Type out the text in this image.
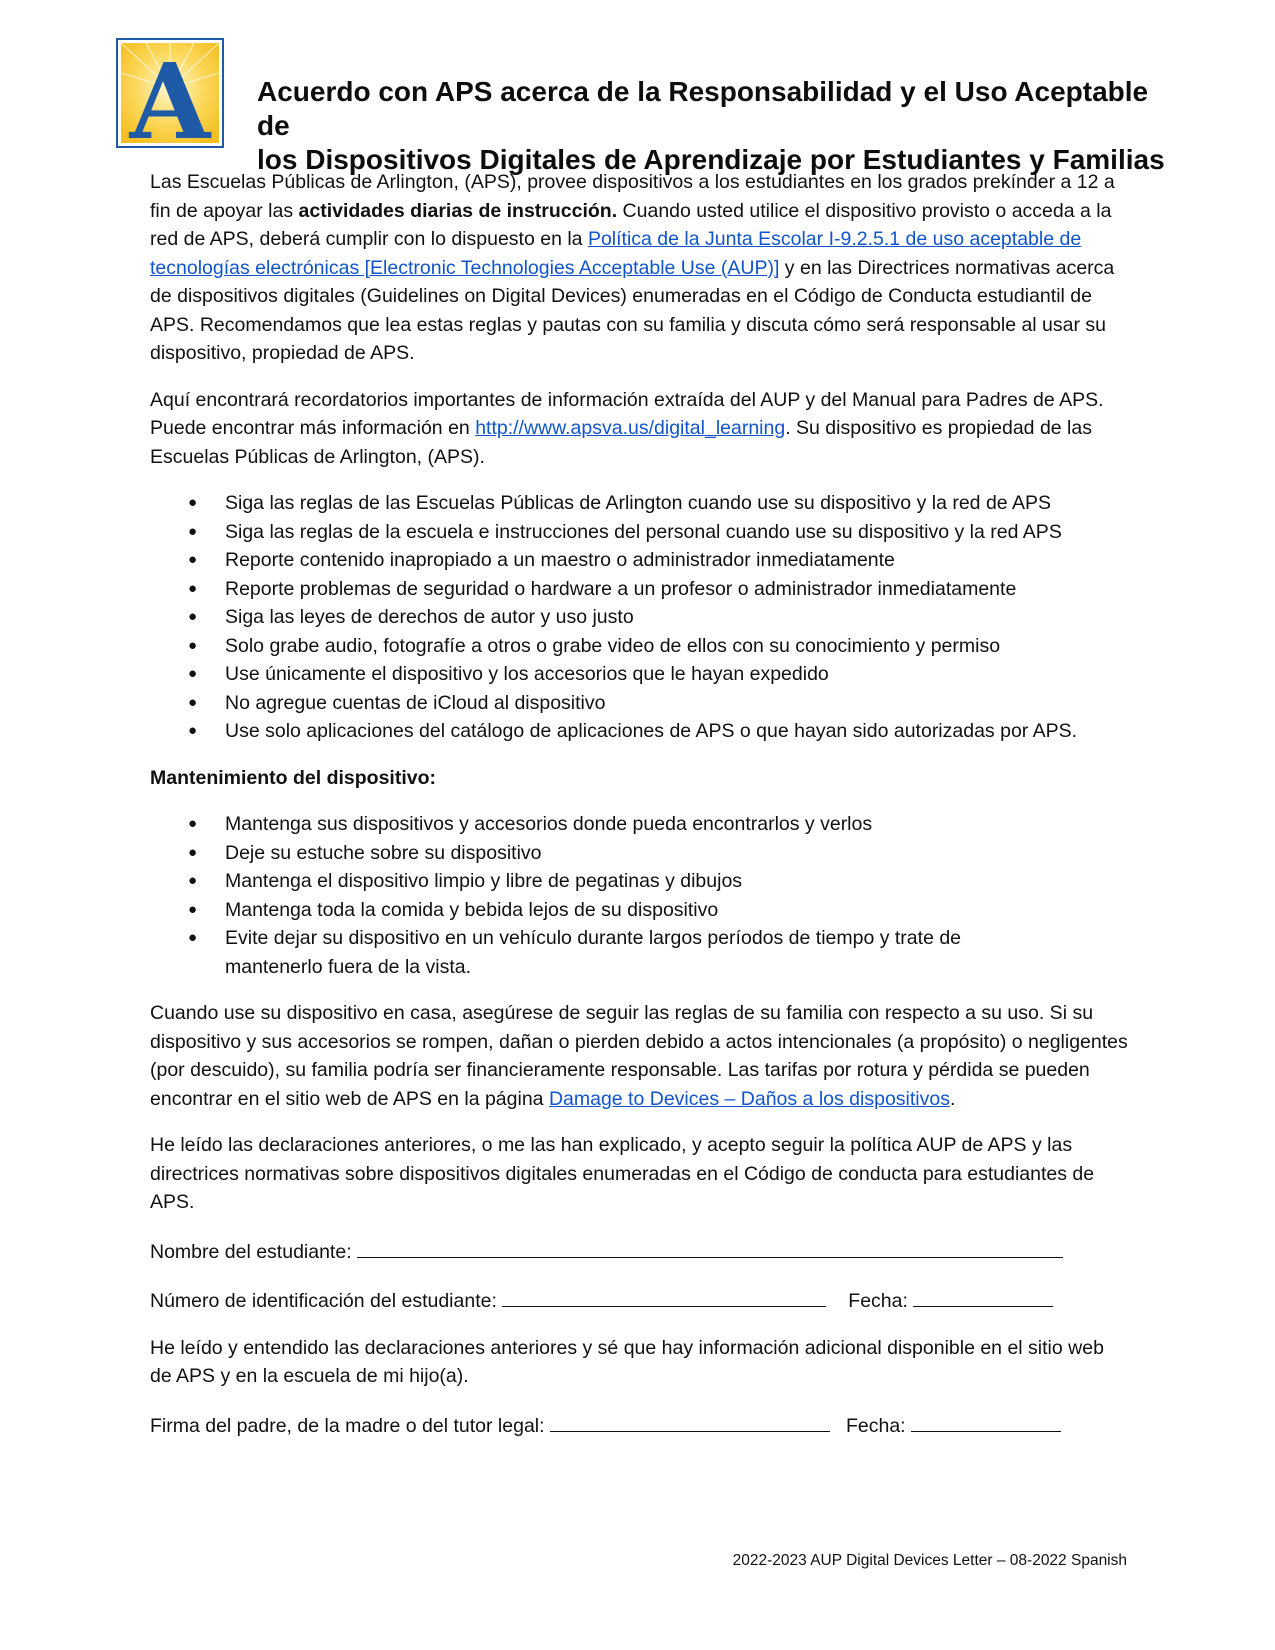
A Acuerdo con APS acerca de la Responsabilidad y el Uso Aceptable de
los Dispositivos Digitales de Aprendizaje por Estudiantes y Familias

Las Escuelas Públicas de Arlington, (APS), provee dispositivos a los estudiantes en los grados prekínder a 12 a fin de apoyar las actividades diarias de instrucción. Cuando usted utilice el dispositivo provisto o acceda a la red de APS, deberá cumplir con lo dispuesto en la Política de la Junta Escolar I-9.2.5.1 de uso aceptable de tecnologías electrónicas [Electronic Technologies Acceptable Use (AUP)] y en las Directrices normativas acerca de dispositivos digitales (Guidelines on Digital Devices) enumeradas en el Código de Conducta estudiantil de APS. Recomendamos que lea estas reglas y pautas con su familia y discuta cómo será responsable al usar su dispositivo, propiedad de APS.

Aquí encontrará recordatorios importantes de información extraída del AUP y del Manual para Padres de APS. Puede encontrar más información en http://www.apsva.us/digital_learning. Su dispositivo es propiedad de las Escuelas Públicas de Arlington, (APS).

● Siga las reglas de las Escuelas Públicas de Arlington cuando use su dispositivo y la red de APS
● Siga las reglas de la escuela e instrucciones del personal cuando use su dispositivo y la red APS
● Reporte contenido inapropiado a un maestro o administrador inmediatamente
● Reporte problemas de seguridad o hardware a un profesor o administrador inmediatamente
● Siga las leyes de derechos de autor y uso justo
● Solo grabe audio, fotografíe a otros o grabe video de ellos con su conocimiento y permiso
● Use únicamente el dispositivo y los accesorios que le hayan expedido
● No agregue cuentas de iCloud al dispositivo
● Use solo aplicaciones del catálogo de aplicaciones de APS o que hayan sido autorizadas por APS.

Mantenimiento del dispositivo:

● Mantenga sus dispositivos y accesorios donde pueda encontrarlos y verlos
● Deje su estuche sobre su dispositivo
● Mantenga el dispositivo limpio y libre de pegatinas y dibujos
● Mantenga toda la comida y bebida lejos de su dispositivo
● Evite dejar su dispositivo en un vehículo durante largos períodos de tiempo y trate de mantenerlo fuera de la vista.

Cuando use su dispositivo en casa, asegúrese de seguir las reglas de su familia con respecto a su uso. Si su dispositivo y sus accesorios se rompen, dañan o pierden debido a actos intencionales (a propósito) o negligentes (por descuido), su familia podría ser financieramente responsable. Las tarifas por rotura y pérdida se pueden encontrar en el sitio web de APS en la página Damage to Devices – Daños a los dispositivos.

He leído las declaraciones anteriores, o me las han explicado, y acepto seguir la política AUP de APS y las directrices normativas sobre dispositivos digitales enumeradas en el Código de conducta para estudiantes de APS.

Nombre del estudiante:

Número de identificación del estudiante:	Fecha:

He leído y entendido las declaraciones anteriores y sé que hay información adicional disponible en el sitio web de APS y en la escuela de mi hijo(a).

Firma del padre, de la madre o del tutor legal:	Fecha:

2022-2023 AUP Digital Devices Letter – 08-2022 Spanish
